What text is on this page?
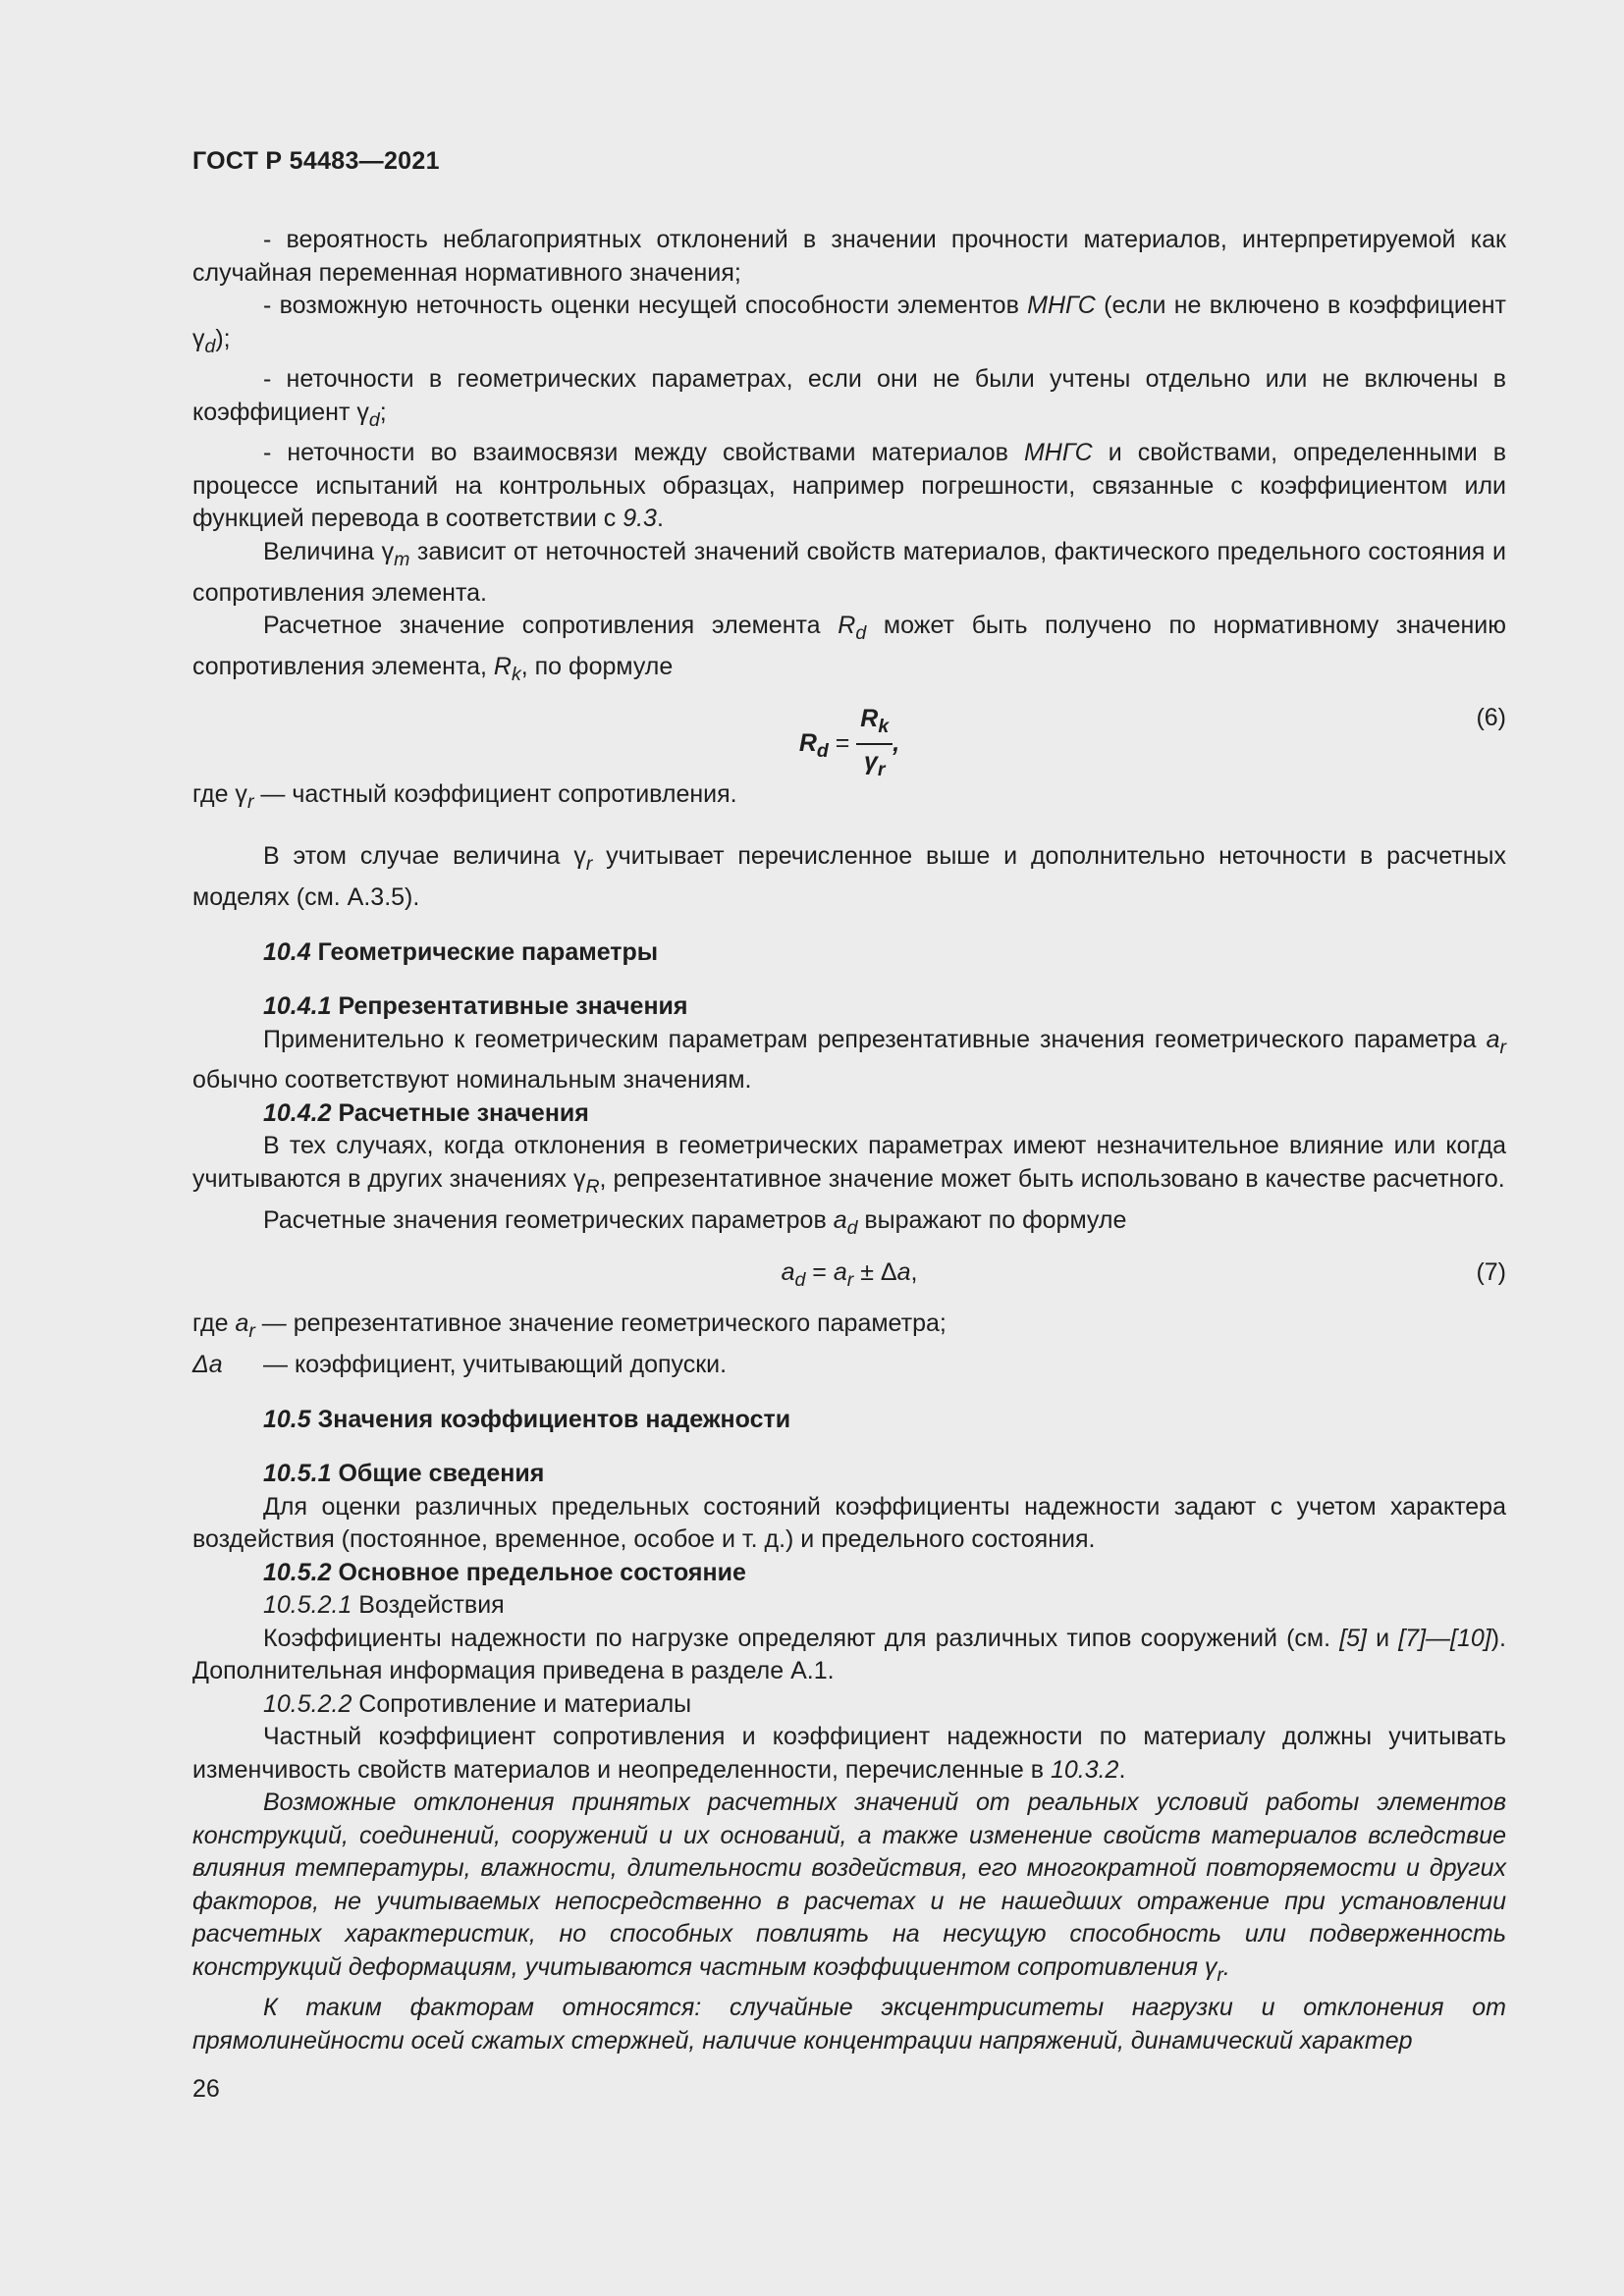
ГОСТ Р 54483—2021

- вероятность неблагоприятных отклонений в значении прочности материалов, интерпретируемой как случайная переменная нормативного значения;

- возможную неточность оценки несущей способности элементов МНГС (если не включено в коэффициент $\gamma_d$);

- неточности в геометрических параметрах, если они не были учтены отдельно или не включены в коэффициент $\gamma_d$;

- неточности во взаимосвязи между свойствами материалов МНГС и свойствами, определенными в процессе испытаний на контрольных образцах, например погрешности, связанные с коэффициентом или функцией перевода в соответствии с 9.3.

Величина $\gamma_m$ зависит от неточностей значений свойств материалов, фактического предельного состояния и сопротивления элемента.

Расчетное значение сопротивления элемента $R_d$ может быть получено по нормативному значению сопротивления элемента, $R_k$, по формуле

$R_d = \frac{R_k}{\gamma_r}$ ,
(6)

где $\gamma_r$ — частный коэффициент сопротивления.

В этом случае величина $\gamma_r$ учитывает перечисленное выше и дополнительно неточности в расчетных моделях (см. А.3.5).

10.4 Геометрические параметры

10.4.1 Репрезентативные значения

Применительно к геометрическим параметрам репрезентативные значения геометрического параметра $a_r$ обычно соответствуют номинальным значениям.

10.4.2 Расчетные значения

В тех случаях, когда отклонения в геометрических параметрах имеют незначительное влияние или когда учитываются в других значениях $\gamma_R$, репрезентативное значение может быть использовано в качестве расчетного.

Расчетные значения геометрических параметров $a_d$ выражают по формуле

$a_d = a_r \pm \Delta a$,	(7)
где $a_r$ — репрезентативное значение геометрического параметра;
Δa	— коэффициент, учитывающий допуски.

10.5 Значения коэффициентов надежности

10.5.1 Общие сведения

Для оценки различных предельных состояний коэффициенты надежности задают с учетом характера воздействия (постоянное, временное, особое и т. д.) и предельного состояния.

10.5.2 Основное предельное состояние

10.5.2.1 Воздействия

Коэффициенты надежности по нагрузке определяют для различных типов сооружений (см. [5] и [7]—[10]). Дополнительная информация приведена в разделе А.1.

10.5.2.2 Сопротивление и материалы

Частный коэффициент сопротивления и коэффициент надежности по материалу должны учитывать изменчивость свойств материалов и неопределенности, перечисленные в 10.3.2.

Возможные отклонения принятых расчетных значений от реальных условий работы элементов конструкций, соединений, сооружений и их оснований, а также изменение свойств материалов вследствие влияния температуры, влажности, длительности воздействия, его многократной повторяемости и других факторов, не учитываемых непосредственно в расчетах и не нашедших отражение при установлении расчетных характеристик, но способных повлиять на несущую способность или подверженность конструкций деформациям, учитываются частным коэффициентом сопротивления $\gamma_r$.

К таким факторам относятся: случайные эксцентриситеты нагрузки и отклонения от прямолинейности осей сжатых стержней, наличие концентрации напряжений, динамический характер

26
